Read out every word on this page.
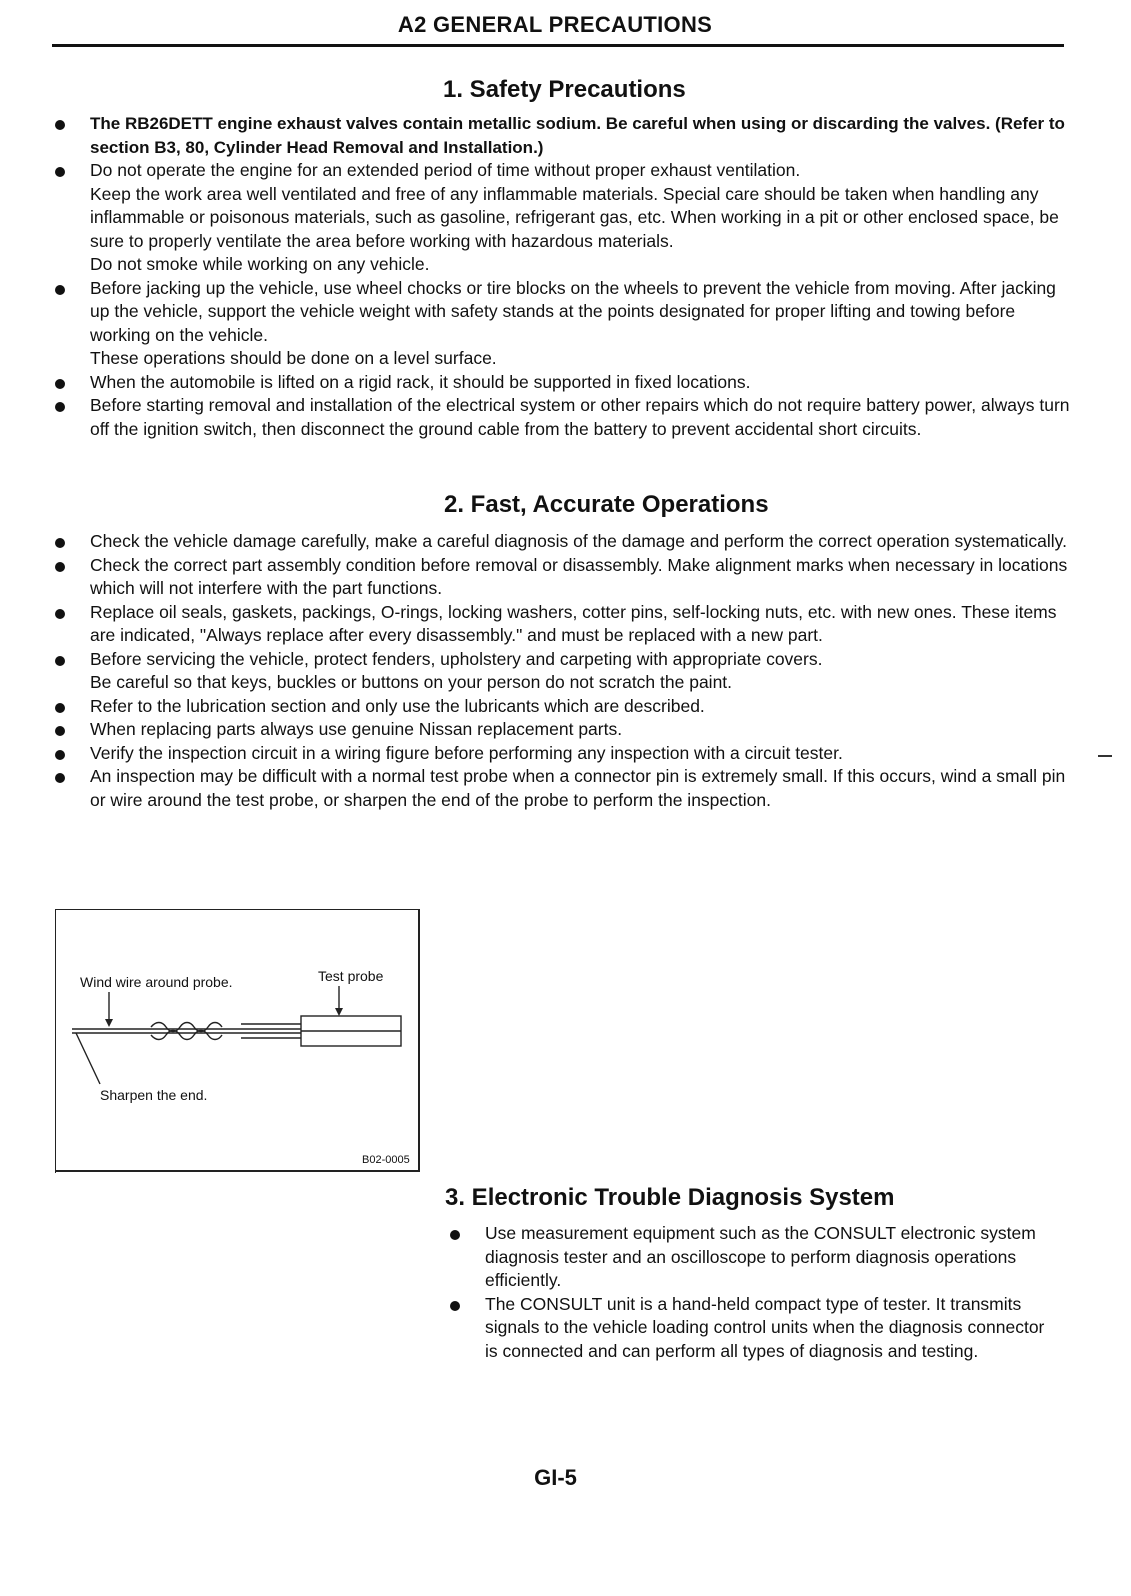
A2 GENERAL PRECAUTIONS
1. Safety Precautions

The RB26DETT engine exhaust valves contain metallic sodium. Be careful when using or discarding the valves. (Refer to section B3, 80, Cylinder Head Removal and Installation.)

Do not operate the engine for an extended period of time without proper exhaust ventilation.

Keep the work area well ventilated and free of any inflammable materials. Special care should be taken when handling any inflammable or poisonous materials, such as gasoline, refrigerant gas, etc. When working in a pit or other enclosed space, be sure to properly ventilate the area before working with hazardous materials.

Do not smoke while working on any vehicle.

Before jacking up the vehicle, use wheel chocks or tire blocks on the wheels to prevent the vehicle from moving. After jacking up the vehicle, support the vehicle weight with safety stands at the points designated for proper lifting and towing before working on the vehicle.

These operations should be done on a level surface.

When the automobile is lifted on a rigid rack, it should be supported in fixed locations.

Before starting removal and installation of the electrical system or other repairs which do not require battery power, always turn off the ignition switch, then disconnect the ground cable from the battery to prevent accidental short circuits.

2. Fast, Accurate Operations

Check the vehicle damage carefully, make a careful diagnosis of the damage and perform the correct operation systematically.

Check the correct part assembly condition before removal or disassembly. Make alignment marks when necessary in locations which will not interfere with the part functions.

Replace oil seals, gaskets, packings, O-rings, locking washers, cotter pins, self-locking nuts, etc. with new ones. These items are indicated, "Always replace after every disassembly." and must be replaced with a new part.

Before servicing the vehicle, protect fenders, upholstery and carpeting with appropriate covers.

Be careful so that keys, buckles or buttons on your person do not scratch the paint.

Refer to the lubrication section and only use the lubricants which are described.

When replacing parts always use genuine Nissan replacement parts.

Verify the inspection circuit in a wiring figure before performing any inspection with a circuit tester.

An inspection may be difficult with a normal test probe when a connector pin is extremely small. If this occurs, wind a small pin or wire around the test probe, or sharpen the end of the probe to perform the inspection.

Wind wire around probe.	Test probe
Sharpen the end.
B02-0005
3. Electronic Trouble Diagnosis System

Use measurement equipment such as the CONSULT electronic system diagnosis tester and an oscilloscope to perform diagnosis operations efficiently.

The CONSULT unit is a hand-held compact type of tester. It transmits signals to the vehicle loading control units when the diagnosis connector is connected and can perform all types of diagnosis and testing.

GI-5
